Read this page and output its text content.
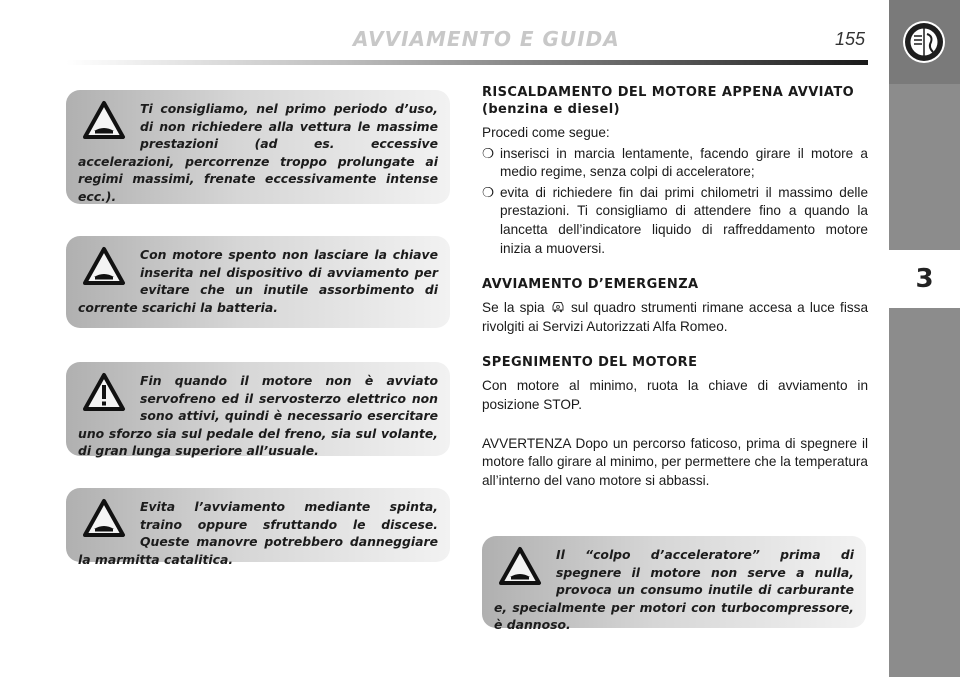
AVVIAMENTO E GUIDA	155
3

Ti consigliamo, nel primo periodo d’uso, di non richiedere alla vettura le massime prestazioni (ad es. eccessive accelerazioni, percorrenze troppo prolungate ai regimi massimi, frenate eccessivamente intense ecc.).

Con motore spento non lasciare la chiave inserita nel dispositivo di avviamento per evitare che un inutile assorbimento di corrente scarichi la batteria.

Fin quando il motore non è avviato servofreno ed il servosterzo elettrico non sono attivi, quindi è necessario esercitare uno sforzo sia sul pedale del freno, sia sul volante, di gran lunga superiore all’usuale.

Evita l’avviamento mediante spinta, traino oppure sfruttando le discese. Queste manovre potrebbero danneggiare la marmitta catalitica.

RISCALDAMENTO DEL MOTORE APPENA AVVIATO (benzina e diesel)

Procedi come segue:

❍ inserisci in marcia lentamente, facendo girare il motore a medio regime, senza colpi di acceleratore;
❍ evita di richiedere fin dai primi chilometri il massimo delle prestazioni. Ti consigliamo di attendere fino a quando la lancetta dell’indicatore liquido di raffreddamento motore inizia a muoversi.
AVVIAMENTO D’EMERGENZA

Se la spia sul quadro strumenti rimane accesa a luce fissa rivolgiti ai Servizi Autorizzati Alfa Romeo.

SPEGNIMENTO DEL MOTORE

Con motore al minimo, ruota la chiave di avviamento in posizione STOP.

AVVERTENZA Dopo un percorso faticoso, prima di spegnere il motore fallo girare al minimo, per permettere che la temperatura all’interno del vano motore si abbassi.

Il “colpo d’acceleratore” prima di spegnere il motore non serve a nulla, provoca un consumo inutile di carburante e, specialmente per motori con turbocompressore, è dannoso.
